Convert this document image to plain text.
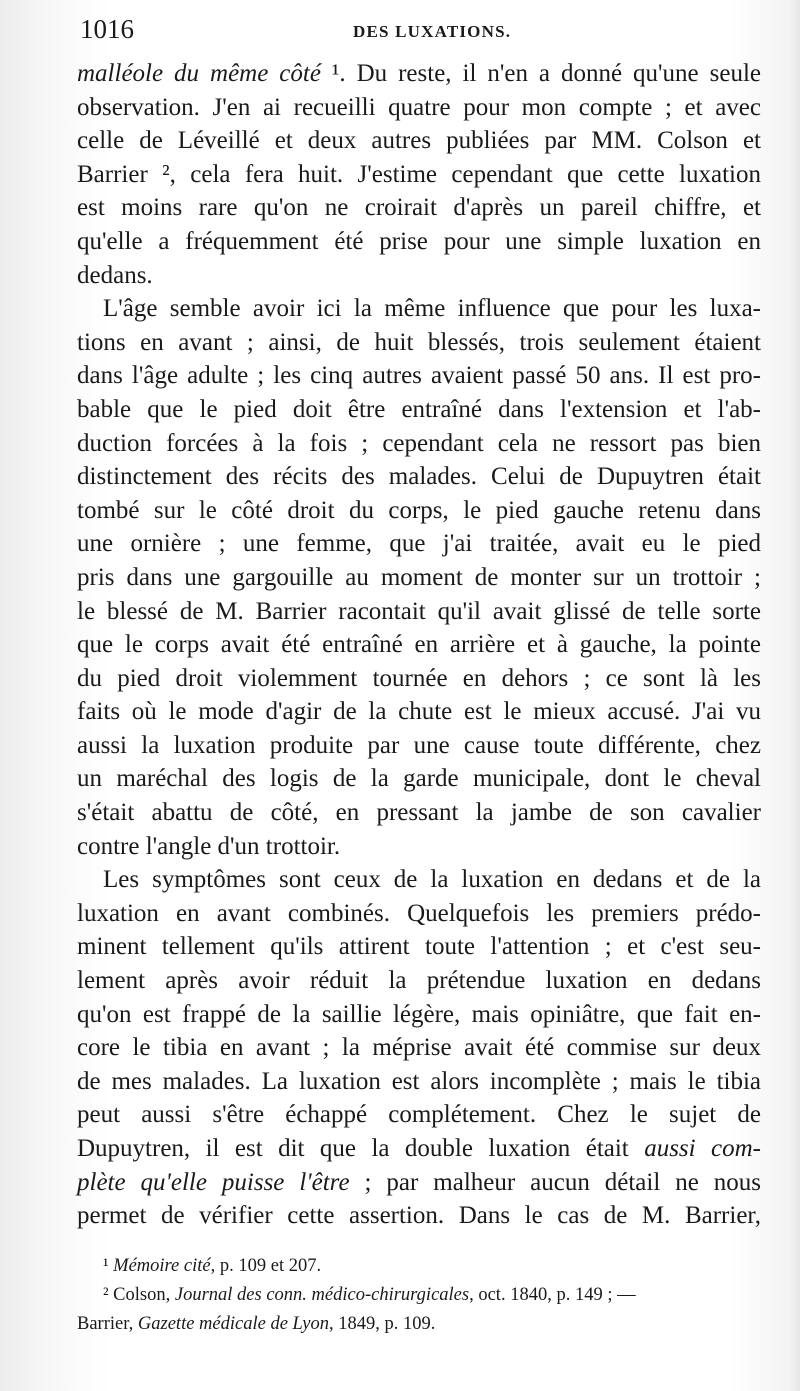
1016	DES LUXATIONS.
malléole du même côté ¹. Du reste, il n'en a donné qu'une seule
observation. J'en ai recueilli quatre pour mon compte ; et avec
celle de Léveillé et deux autres publiées par MM. Colson et
Barrier ², cela fera huit. J'estime cependant que cette luxation
est moins rare qu'on ne croirait d'après un pareil chiffre, et
qu'elle a fréquemment été prise pour une simple luxation en
dedans.
L'âge semble avoir ici la même influence que pour les luxa-
tions en avant ; ainsi, de huit blessés, trois seulement étaient
dans l'âge adulte ; les cinq autres avaient passé 50 ans. Il est pro-
bable que le pied doit être entraîné dans l'extension et l'ab-
duction forcées à la fois ; cependant cela ne ressort pas bien
distinctement des récits des malades. Celui de Dupuytren était
tombé sur le côté droit du corps, le pied gauche retenu dans
une ornière ; une femme, que j'ai traitée, avait eu le pied
pris dans une gargouille au moment de monter sur un trottoir ;
le blessé de M. Barrier racontait qu'il avait glissé de telle sorte
que le corps avait été entraîné en arrière et à gauche, la pointe
du pied droit violemment tournée en dehors ; ce sont là les
faits où le mode d'agir de la chute est le mieux accusé. J'ai vu
aussi la luxation produite par une cause toute différente, chez
un maréchal des logis de la garde municipale, dont le cheval
s'était abattu de côté, en pressant la jambe de son cavalier
contre l'angle d'un trottoir.
Les symptômes sont ceux de la luxation en dedans et de la
luxation en avant combinés. Quelquefois les premiers prédo-
minent tellement qu'ils attirent toute l'attention ; et c'est seu-
lement après avoir réduit la prétendue luxation en dedans
qu'on est frappé de la saillie légère, mais opiniâtre, que fait en-
core le tibia en avant ; la méprise avait été commise sur deux
de mes malades. La luxation est alors incomplète ; mais le tibia
peut aussi s'être échappé complétement. Chez le sujet de
Dupuytren, il est dit que la double luxation était aussi com-
plète qu'elle puisse l'être ; par malheur aucun détail ne nous
permet de vérifier cette assertion. Dans le cas de M. Barrier,
¹ Mémoire cité, p. 109 et 207.
² Colson, Journal des conn. médico-chirurgicales, oct. 1840, p. 149 ; —
Barrier, Gazette médicale de Lyon, 1849, p. 109.
